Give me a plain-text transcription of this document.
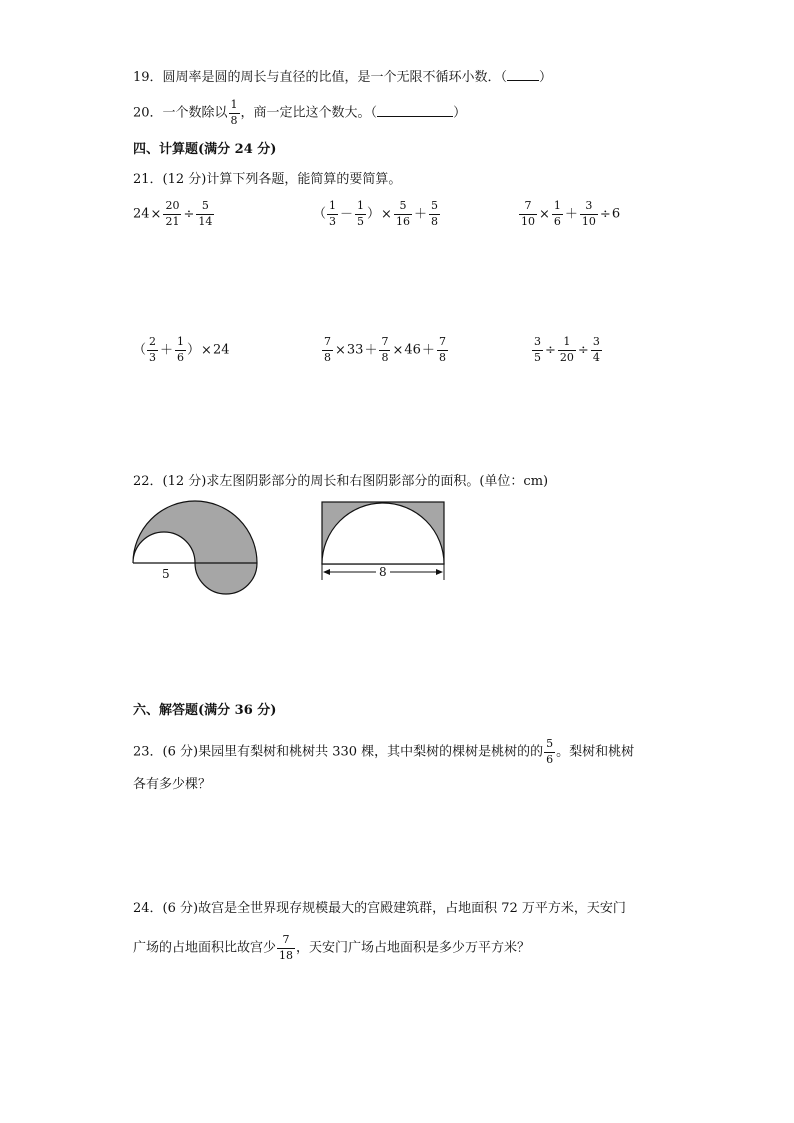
19．圆周率是圆的周长与直径的比值，是一个无限不循环小数．（ ）
20．一个数除以 $\frac{1}{8}$ ，商一定比这个数大。（	）
四、计算题(满分 24 分)
21．(12 分)计算下列各题，能简算的要简算。
$24\times \frac{20}{21} \div \frac{5}{14}$	（ $\frac{1}{3} - \frac{1}{5}$ ）× $\frac{5}{16} + \frac{5}{8}$	$\frac{7}{10} \times \frac{1}{6} + \frac{3}{10} \div 6$
（ $\frac{2}{3} + \frac{1}{6} )\times 24$	$\frac{7}{8} \times 33+ \frac{7}{8} \times 46+ \frac{7}{8}$	$\frac{3}{5} \div \frac{1}{20} \div \frac{3}{4}$
22．(12 分)求左图阴影部分的周长和右图阴影部分的面积。(单位：cm)
5	8
六、解答题(满分 36 分)
23．(6 分)果园里有梨树和桃树共 330 棵，其中梨树的棵树是桃树的的 $\frac{5}{6}$ 。梨树和桃树
各有多少棵？
24．(6 分)故宫是全世界现存规模最大的宫殿建筑群，占地面积 72 万平方米，天安门
广场的占地面积比故宫少 $\frac{7}{18}$ ，天安门广场占地面积是多少万平方米？
